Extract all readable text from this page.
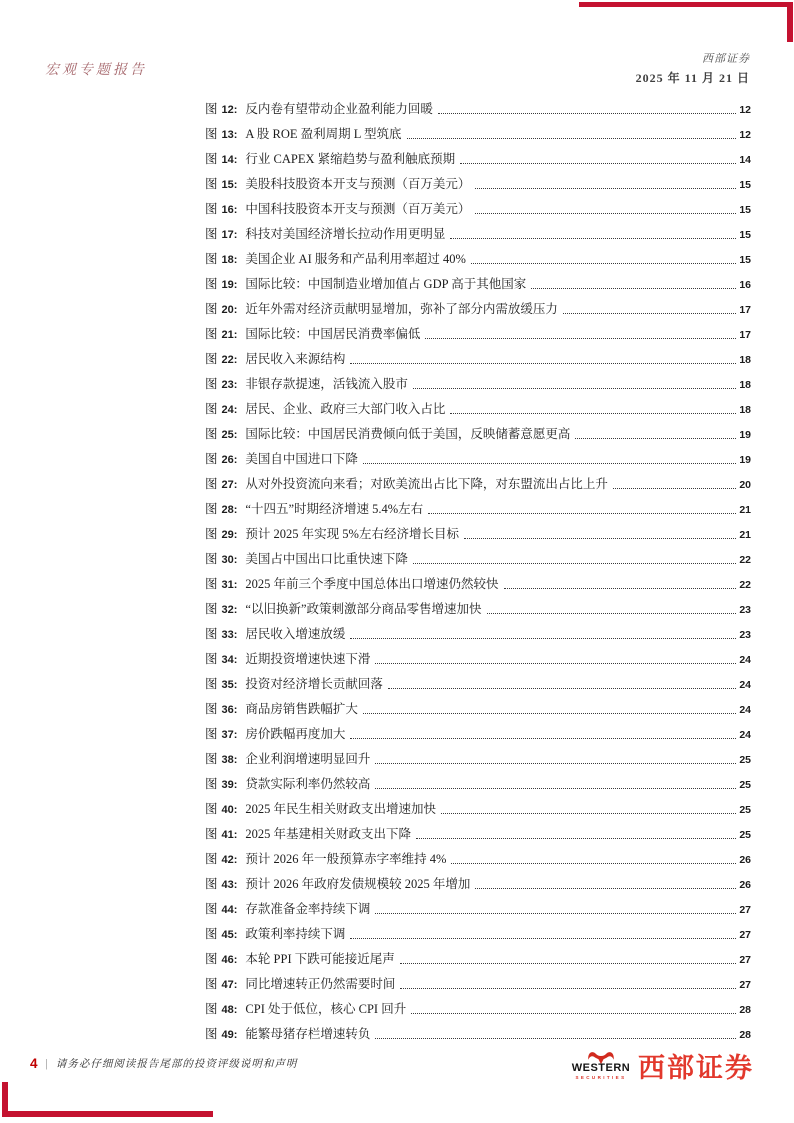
宏观专题报告
西部证券
2025 年 11 月 21 日
图 12: 反内卷有望带动企业盈利能力回暖	12
图 13: A 股 ROE 盈利周期 L 型筑底	12
图 14: 行业 CAPEX 紧缩趋势与盈利触底预期	14
图 15: 美股科技股资本开支与预测（百万美元）	15
图 16: 中国科技股资本开支与预测（百万美元）	15
图 17: 科技对美国经济增长拉动作用更明显	15
图 18: 美国企业 AI 服务和产品利用率超过 40%	15
图 19: 国际比较：中国制造业增加值占 GDP 高于其他国家	16
图 20: 近年外需对经济贡献明显增加，弥补了部分内需放缓压力	17
图 21: 国际比较：中国居民消费率偏低	17
图 22: 居民收入来源结构	18
图 23: 非银存款提速，活钱流入股市	18
图 24: 居民、企业、政府三大部门收入占比	18
图 25: 国际比较：中国居民消费倾向低于美国，反映储蓄意愿更高	19
图 26: 美国自中国进口下降	19
图 27: 从对外投资流向来看；对欧美流出占比下降，对东盟流出占比上升	20
图 28: “十四五”时期经济增速 5.4%左右	21
图 29: 预计 2025 年实现 5%左右经济增长目标	21
图 30: 美国占中国出口比重快速下降	22
图 31: 2025 年前三个季度中国总体出口增速仍然较快	22
图 32: “以旧换新”政策刺激部分商品零售增速加快	23
图 33: 居民收入增速放缓	23
图 34: 近期投资增速快速下滑	24
图 35: 投资对经济增长贡献回落	24
图 36: 商品房销售跌幅扩大	24
图 37: 房价跌幅再度加大	24
图 38: 企业利润增速明显回升	25
图 39: 贷款实际利率仍然较高	25
图 40: 2025 年民生相关财政支出增速加快	25
图 41: 2025 年基建相关财政支出下降	25
图 42: 预计 2026 年一般预算赤字率维持 4%	26
图 43: 预计 2026 年政府发债规模较 2025 年增加	26
图 44: 存款准备金率持续下调	27
图 45: 政策利率持续下调	27
图 46: 本轮 PPI 下跌可能接近尾声	27
图 47: 同比增速转正仍然需要时间	27
图 48: CPI 处于低位，核心 CPI 回升	28
图 49: 能繁母猪存栏增速转负	28
4 | 请务必仔细阅读报告尾部的投资评级说明和声明	WESTERN
SECURITIES 西部证券
